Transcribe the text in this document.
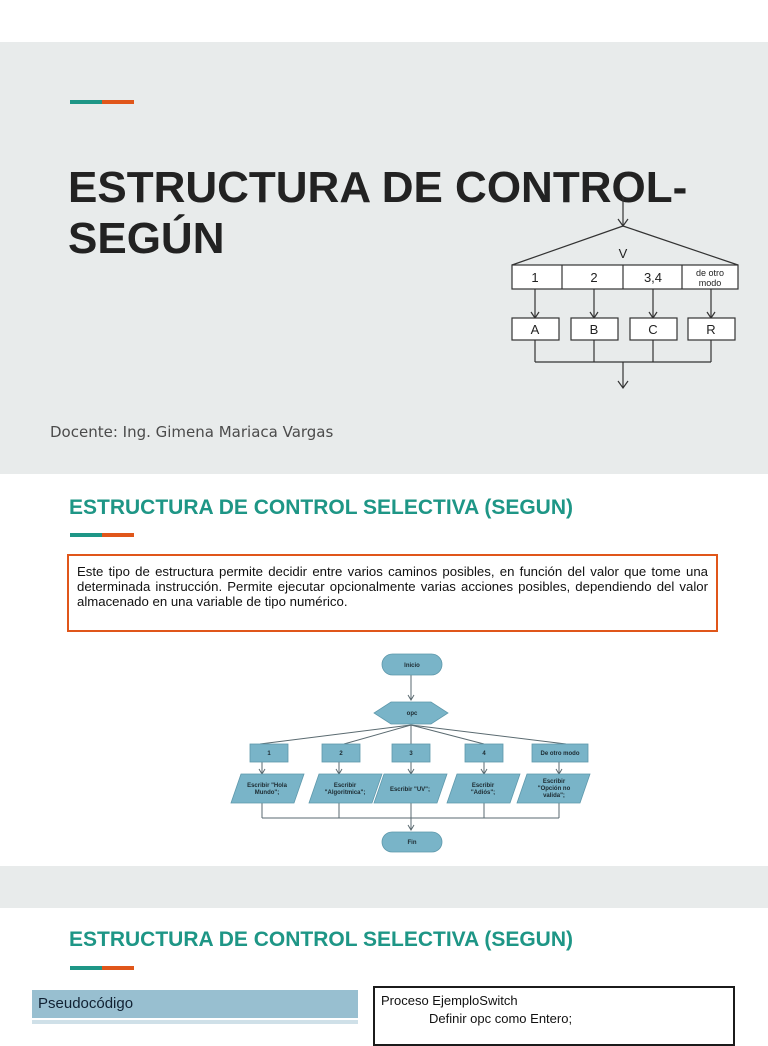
ESTRUCTURA DE CONTROL-
SEGÚN	V
1	2	3,4	de otro
modo
A	B	C	R
Docente: Ing. Gimena Mariaca Vargas
ESTRUCTURA DE CONTROL SELECTIVA (SEGUN)
Este tipo de estructura permite decidir entre varios caminos posibles, en función del valor que tome una determinada instrucción. Permite ejecutar opcionalmente varias acciones posibles, dependiendo del valor almacenado en una variable de tipo numérico.
Inicio
opc
1	2	3	4	De otro modo
Escribir "Hola
Mundo";
Escribir
"Algoritmica";	Escribir "UV";
Escribir
"Adiós";
Escribir
"Opción no
valida";
Fin
ESTRUCTURA DE CONTROL SELECTIVA (SEGUN)
Pseudocódigo	Proceso EjemploSwitch
Definir opc como Entero;
